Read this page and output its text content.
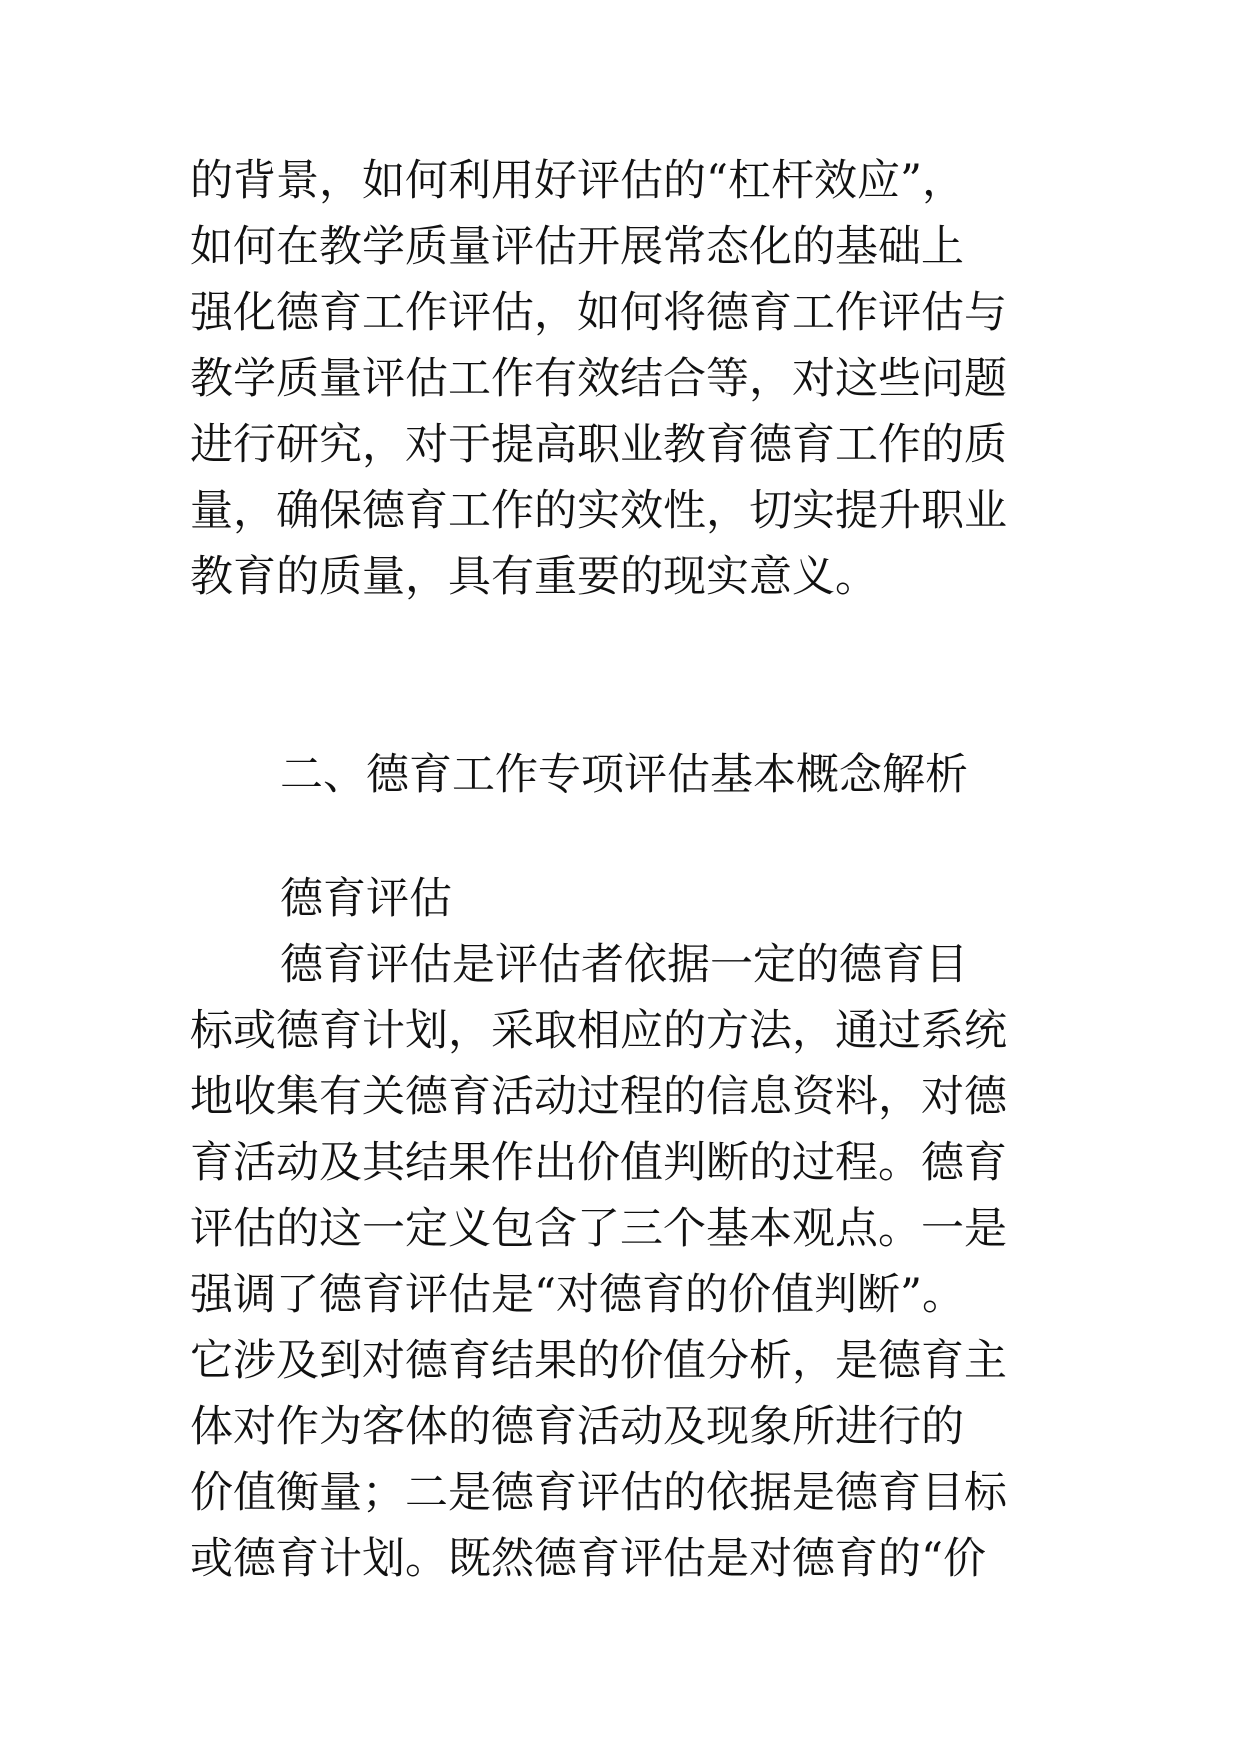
的背景，如何利用好评估的“杠杆效应”，
如何在教学质量评估开展常态化的基础上
强化德育工作评估，如何将德育工作评估与
教学质量评估工作有效结合等，对这些问题
进行研究，对于提高职业教育德育工作的质
量，确保德育工作的实效性，切实提升职业
教育的质量，具有重要的现实意义。
二、德育工作专项评估基本概念解析
德育评估
德育评估是评估者依据一定的德育目
标或德育计划，采取相应的方法，通过系统
地收集有关德育活动过程的信息资料，对德
育活动及其结果作出价值判断的过程。德育
评估的这一定义包含了三个基本观点。一是
强调了德育评估是“对德育的价值判断”。
它涉及到对德育结果的价值分析，是德育主
体对作为客体的德育活动及现象所进行的
价值衡量；二是德育评估的依据是德育目标
或德育计划。既然德育评估是对德育的“价
